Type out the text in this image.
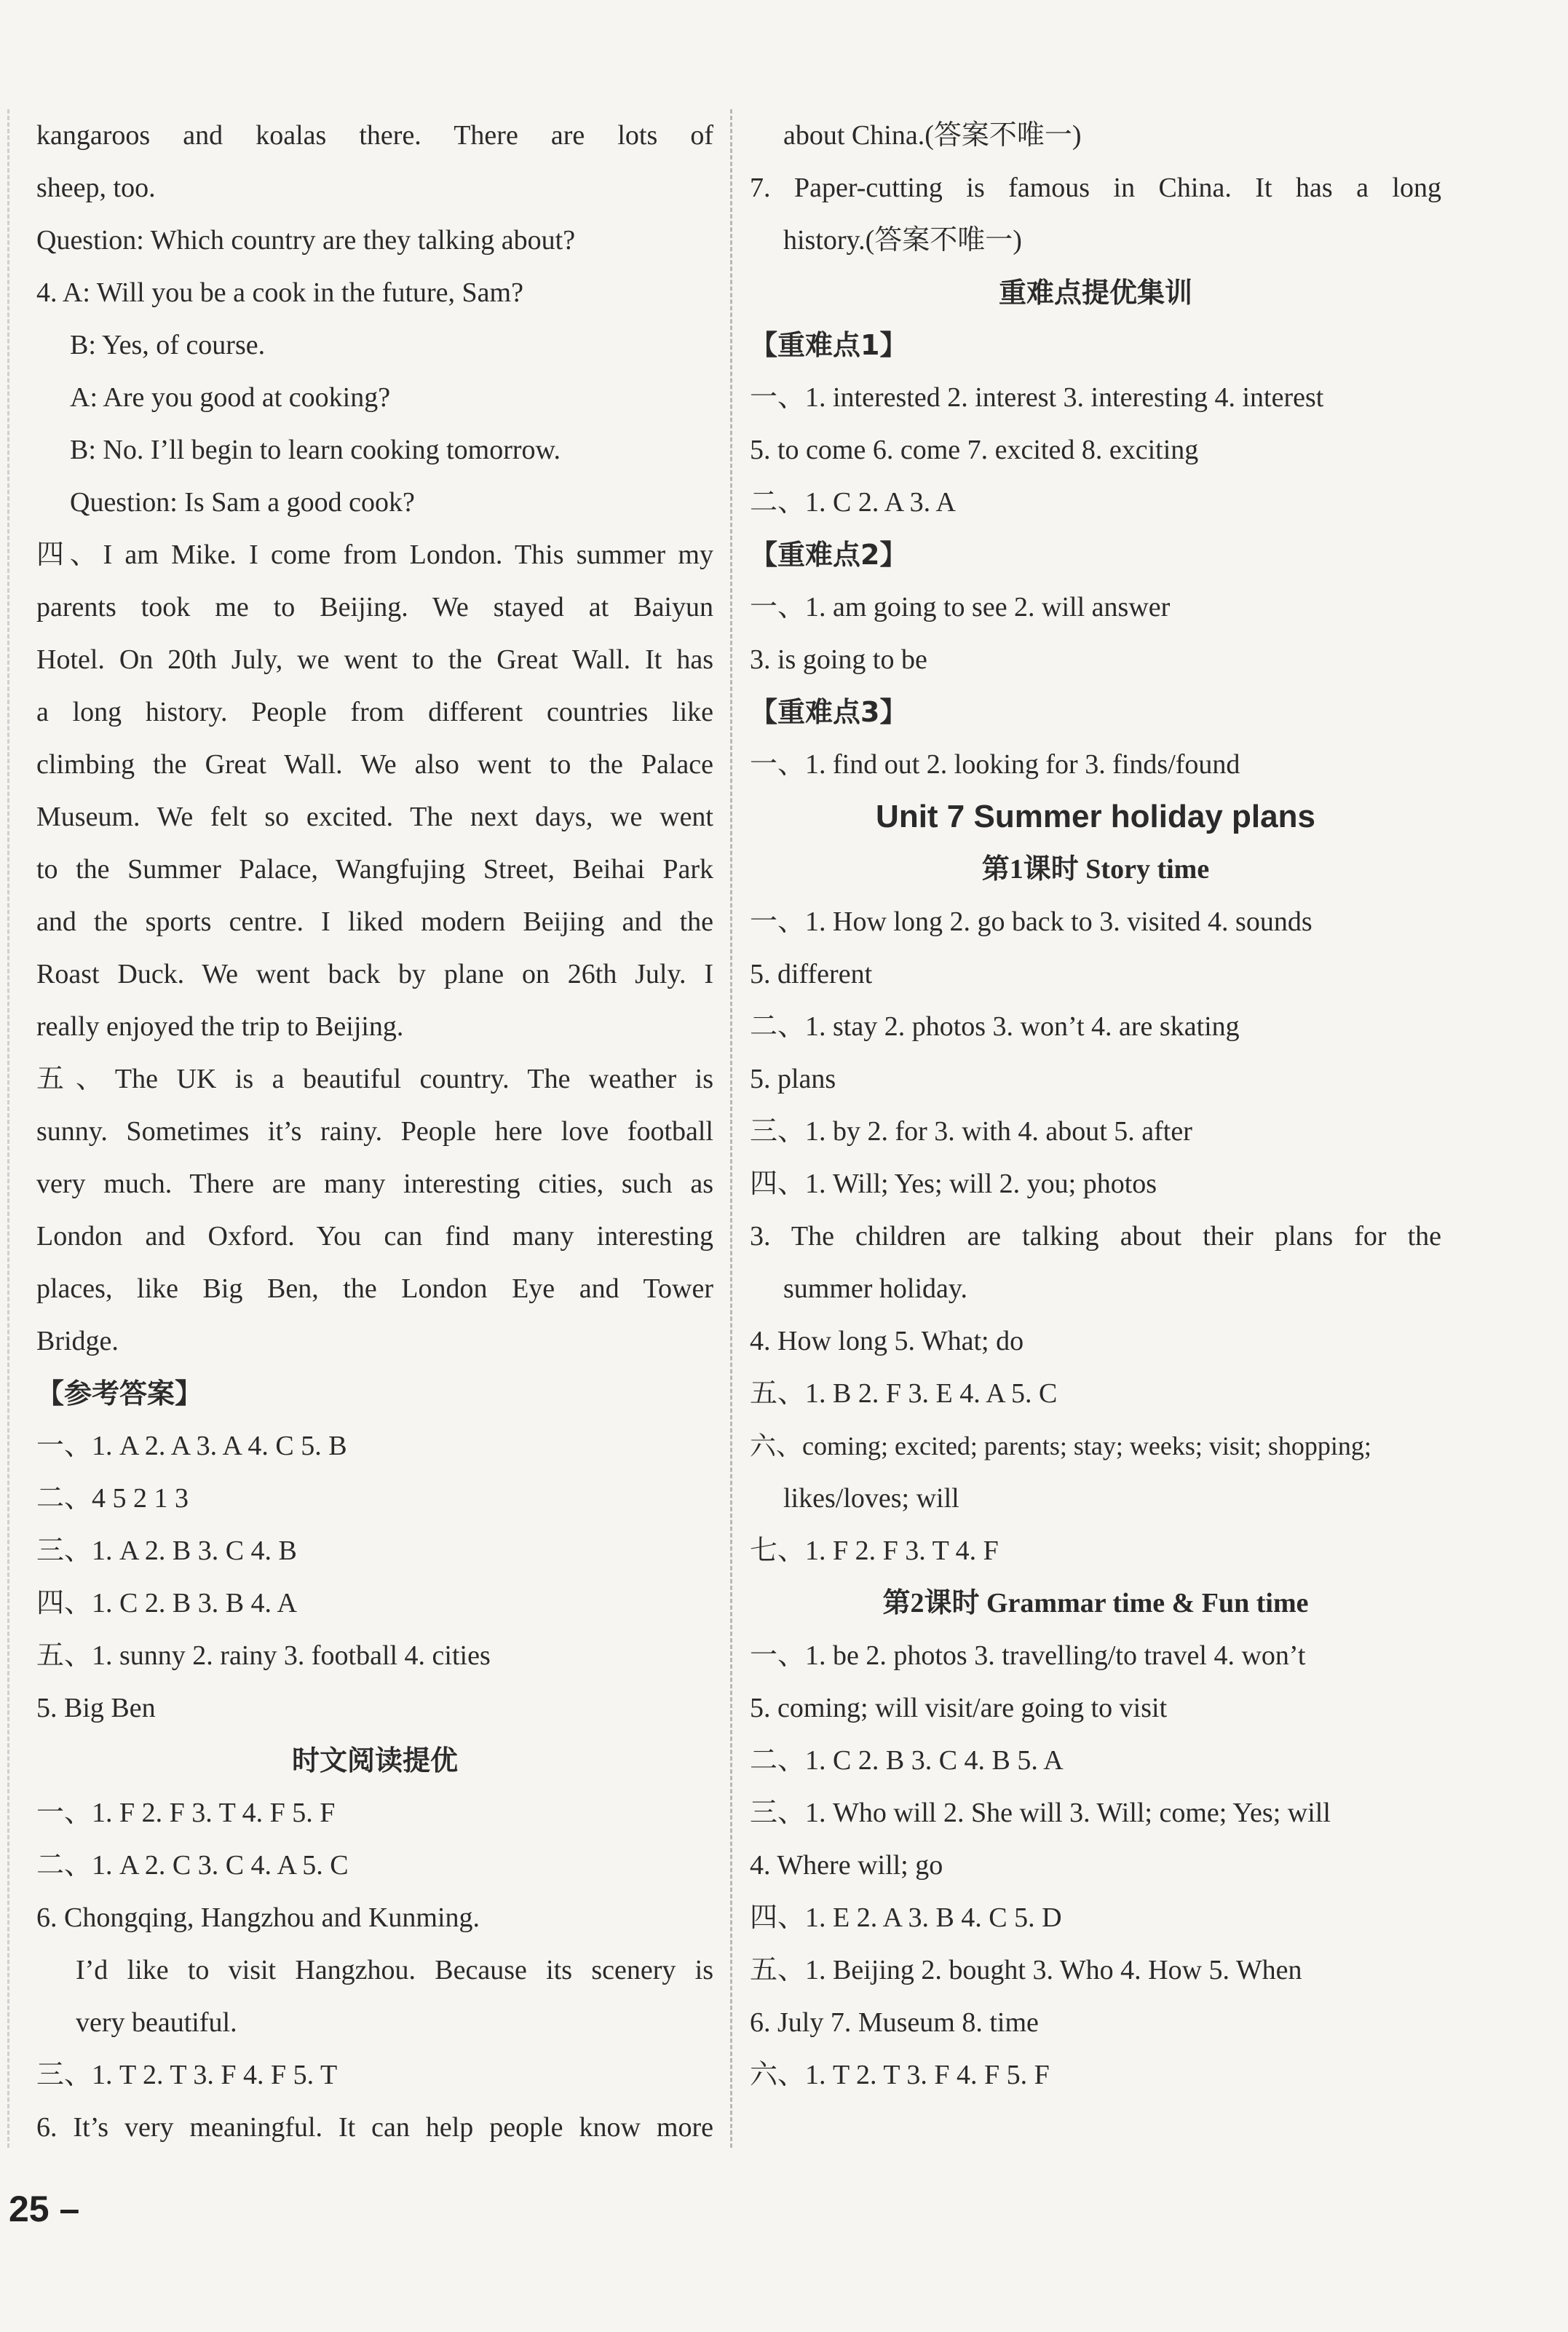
kangaroos and koalas there. There are lots of
sheep, too.
Question: Which country are they talking about?
4. A: Will you be a cook in the future, Sam?
B: Yes, of course.
A: Are you good at cooking?
B: No. I’ll begin to learn cooking tomorrow.
Question: Is Sam a good cook?
四、I am Mike. I come from London. This summer my
parents took me to Beijing. We stayed at Baiyun
Hotel. On 20th July, we went to the Great Wall. It has
a long history. People from different countries like
climbing the Great Wall. We also went to the Palace
Museum. We felt so excited. The next days, we went
to the Summer Palace, Wangfujing Street, Beihai Park
and the sports centre. I liked modern Beijing and the
Roast Duck. We went back by plane on 26th July. I
really enjoyed the trip to Beijing.
五、The UK is a beautiful country. The weather is
sunny. Sometimes it’s rainy. People here love football
very much. There are many interesting cities, such as
London and Oxford. You can find many interesting
places, like Big Ben, the London Eye and Tower
Bridge.
【参考答案】
一、1. A 2. A 3. A 4. C 5. B
二、4 5 2 1 3
三、1. A 2. B 3. C 4. B
四、1. C 2. B 3. B 4. A
五、1. sunny 2. rainy 3. football 4. cities
5. Big Ben
时文阅读提优
一、1. F 2. F 3. T 4. F 5. F
二、1. A 2. C 3. C 4. A 5. C
6. Chongqing, Hangzhou and Kunming.
I’d like to visit Hangzhou. Because its scenery is
very beautiful.
三、1. T 2. T 3. F 4. F 5. T
6. It’s very meaningful. It can help people know more
about China.(答案不唯一)
7. Paper-cutting is famous in China. It has a long
history.(答案不唯一)
重难点提优集训
【重难点1】
一、1. interested 2. interest 3. interesting 4. interest
5. to come 6. come 7. excited 8. exciting
二、1. C 2. A 3. A
【重难点2】
一、1. am going to see 2. will answer
3. is going to be
【重难点3】
一、1. find out 2. looking for 3. finds/found
Unit 7 Summer holiday plans
第1课时 Story time
一、1. How long 2. go back to 3. visited 4. sounds
5. different
二、1. stay 2. photos 3. won’t 4. are skating
5. plans
三、1. by 2. for 3. with 4. about 5. after
四、1. Will; Yes; will 2. you; photos
3. The children are talking about their plans for the
summer holiday.
4. How long 5. What; do
五、1. B 2. F 3. E 4. A 5. C
六、coming; excited; parents; stay; weeks; visit; shopping;
likes/loves; will
七、1. F 2. F 3. T 4. F
第2课时 Grammar time & Fun time
一、1. be 2. photos 3. travelling/to travel 4. won’t
5. coming; will visit/are going to visit
二、1. C 2. B 3. C 4. B 5. A
三、1. Who will 2. She will 3. Will; come; Yes; will
4. Where will; go
四、1. E 2. A 3. B 4. C 5. D
五、1. Beijing 2. bought 3. Who 4. How 5. When
6. July 7. Museum 8. time
六、1. T 2. T 3. F 4. F 5. F
25 –
